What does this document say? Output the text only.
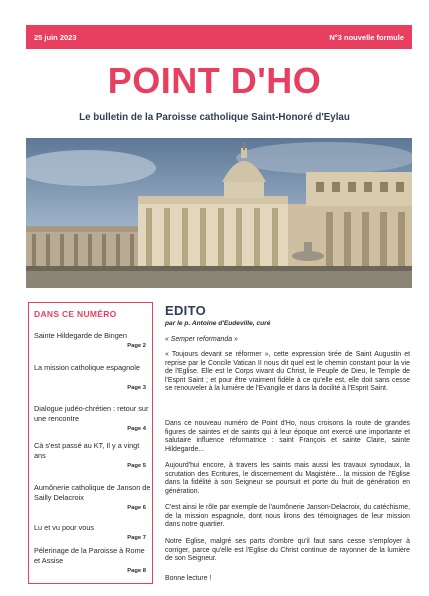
25 juin 2023	N°3 nouvelle formule
POINT D'HO
Le bulletin de la Paroisse catholique Saint-Honoré d'Eylau
DANS CE NUMÉRO
Sainte Hildegarde de Bingen
Page 2
La mission catholique espagnole
Page 3
Dialogue judéo-chrétien : retour sur une rencontre
Page 4
Cà s'est passé au KT, Il y a vingt ans
Page 5
Aumônerie catholique de Janson de Sailly Delacroix
Page 6
Lu et vu pour vous
Page 7
Pélerinage de la Paroisse à Rome et Assise
Page 8
EDITO
par le p. Antoine d'Eudeville, curé
« Semper reformanda »

« Toujours devant se réformer », cette expression tirée de Saint Augustin et reprise par le Concile Vatican II nous dit quel est le chemin constant pour la vie de l'Eglise. Elle est le Corps vivant du Christ, le Peuple de Dieu, le Temple de l'Esprit Saint ; et pour être vraiment fidèle à ce qu'elle est, elle doit sans cesse se renouveler à la lumière de l'Evangile et dans la docilité à l'Esprit Saint.

Dans ce nouveau numéro de Point d'Ho, nous croisons la route de grandes figures de saintes et de saints qui à leur époque ont exercé une importante et salutaire influence réformatrice : saint François et sainte Claire, sainte Hildegarde...

Aujourd'hui encore, à travers les saints mais aussi les travaux synodaux, la scrutation des Ecritures, le discernement du Magistère... la mission de l'Eglise dans la fidélité à son Seigneur se poursuit et porte du fruit de génération en génération.

C'est ainsi le rôle par exemple de l'aumônerie Janson-Delacroix, du catéchisme, de la mission espagnole, dont nous lirons des témoignages de leur mission dans notre quartier.

Notre Eglise, malgré ses parts d'ombre qu'il faut sans cesse s'employer à corriger, parce qu'elle est l'Eglise du Christ continue de rayonner de la lumière de son Seigneur.

Bonne lecture !
